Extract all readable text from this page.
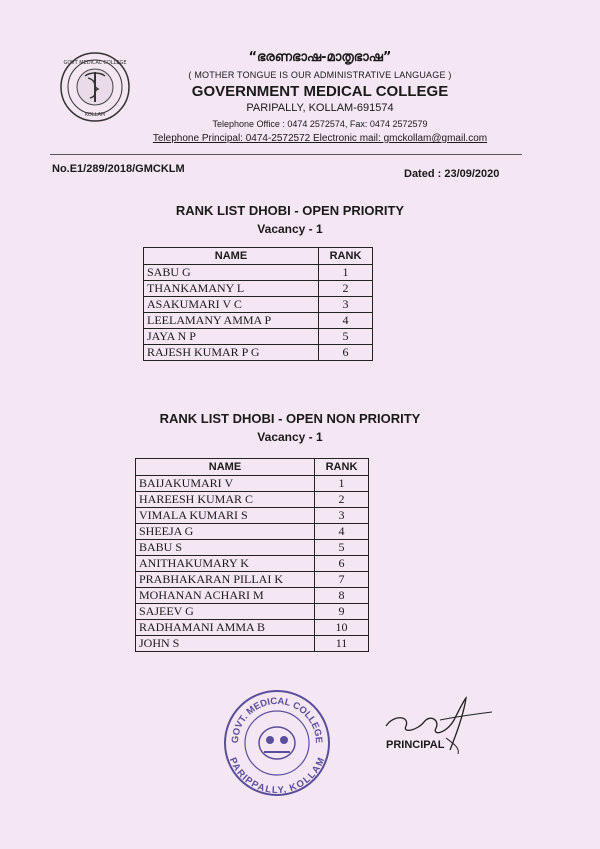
GOVT MEDICAL COLLEGE
KOLLAM
“ഭരണഭാഷ-മാതൃഭാഷ”
( MOTHER TONGUE IS OUR ADMINISTRATIVE LANGUAGE )
GOVERNMENT MEDICAL COLLEGE
PARIPALLY, KOLLAM-691574
Telephone Office : 0474 2572574, Fax: 0474 2572579
Telephone Principal: 0474-2572572 Electronic mail: gmckollam@gmail.com
No.E1/289/2018/GMCKLM	Dated : 23/09/2020
RANK LIST DHOBI - OPEN PRIORITY
Vacancy - 1
NAME	RANK
SABU G	1
THANKAMANY L	2
ASAKUMARI V C	3
LEELAMANY AMMA P	4
JAYA N P	5
RAJESH KUMAR P G	6
RANK LIST DHOBI - OPEN NON PRIORITY
Vacancy - 1
NAME	RANK
BAIJAKUMARI V	1
HAREESH KUMAR C	2
VIMALA KUMARI S	3
SHEEJA G	4
BABU S	5
ANITHAKUMARY K	6
PRABHAKARAN PILLAI K	7
MOHANAN ACHARI M	8
SAJEEV G	9
RADHAMANI AMMA B	10
JOHN S	11
GOVT. MEDICAL COLLEGE
PARIPPALLY, KOLLAM
PRINCIPAL
